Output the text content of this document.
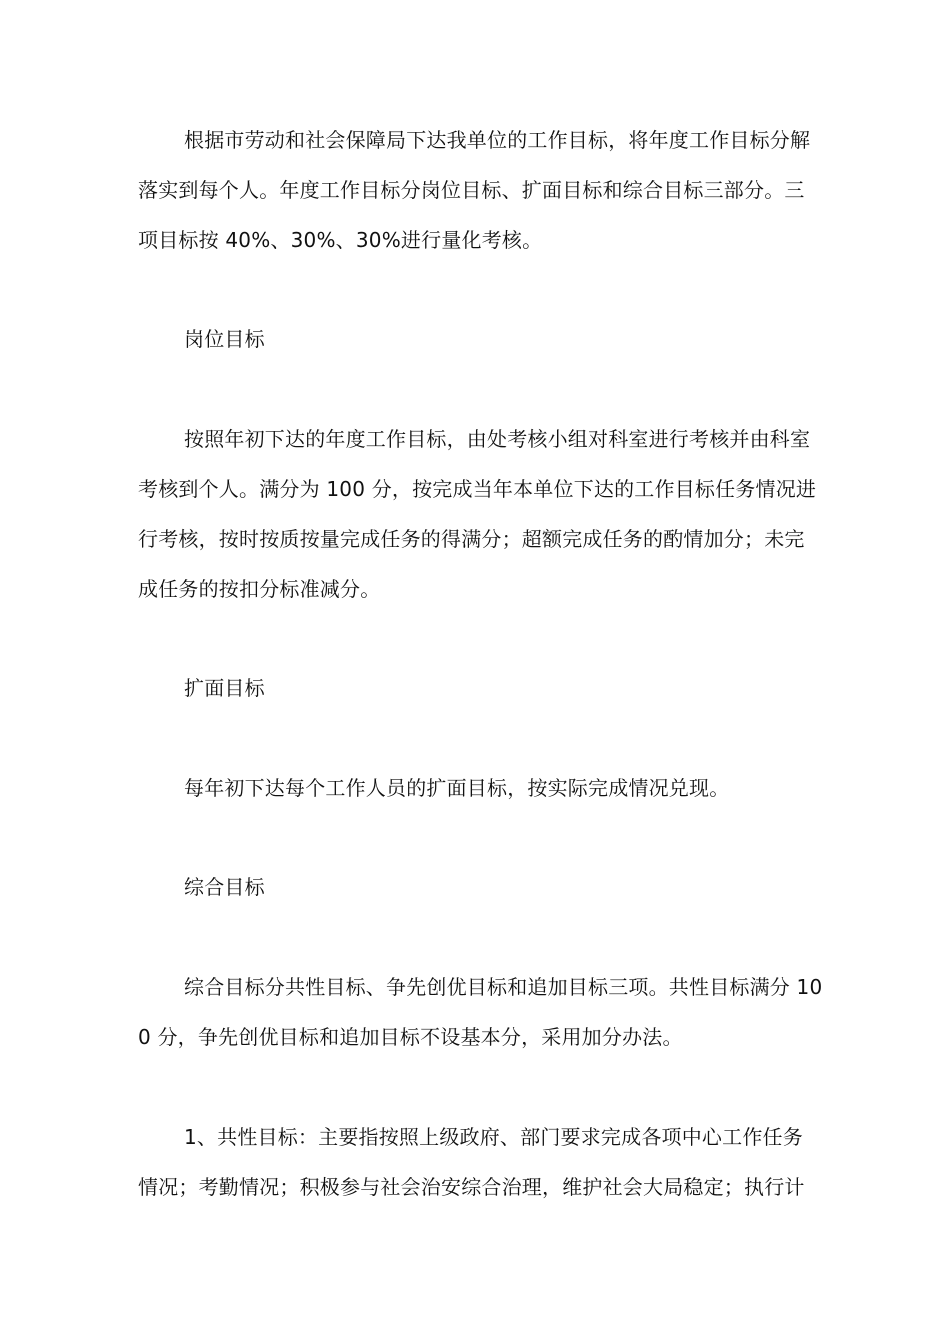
根据市劳动和社会保障局下达我单位的工作目标，将年度工作目标分解
落实到每个人。年度工作目标分岗位目标、扩面目标和综合目标三部分。三
项目标按 40%、30%、30%进行量化考核。
岗位目标
按照年初下达的年度工作目标，由处考核小组对科室进行考核并由科室
考核到个人。满分为 100 分，按完成当年本单位下达的工作目标任务情况进
行考核，按时按质按量完成任务的得满分；超额完成任务的酌情加分；未完
成任务的按扣分标准减分。
扩面目标
每年初下达每个工作人员的扩面目标，按实际完成情况兑现。
综合目标
综合目标分共性目标、争先创优目标和追加目标三项。共性目标满分 10
0 分，争先创优目标和追加目标不设基本分，采用加分办法。
1、共性目标：主要指按照上级政府、部门要求完成各项中心工作任务
情况；考勤情况；积极参与社会治安综合治理，维护社会大局稳定；执行计
